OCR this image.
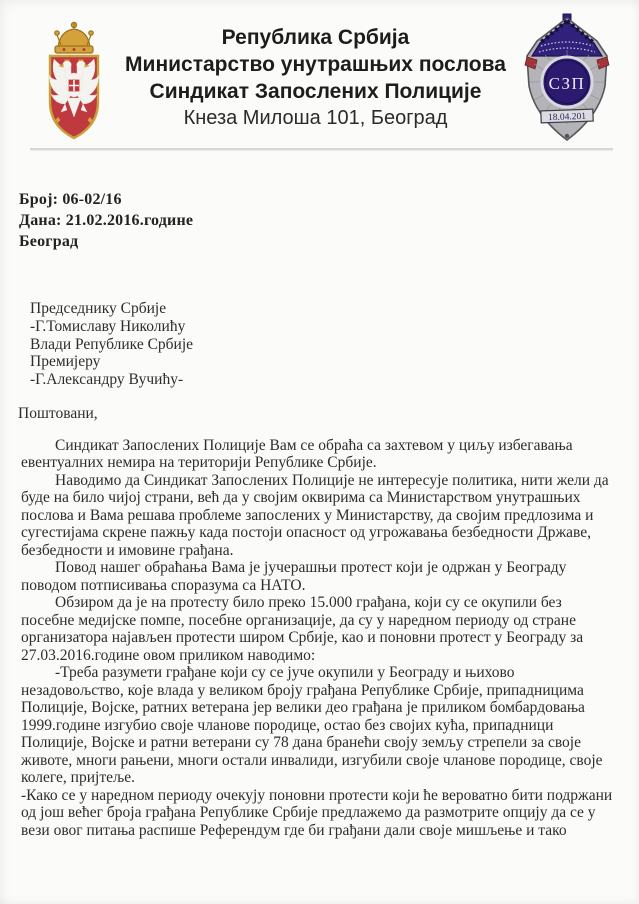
Република Србија
Министарство унутрашњих послова
Синдикат Запослених Полиције
Кнеза Милоша 101, Београд
СЗП
18.04.201
Број: 06-02/16
Дана: 21.02.2016.године
Београд
Председнику Србије
-Г.Томиславу Николићу
Влади Републике Србије
Премијеру
-Г.Александру Вучићу-
Поштовани,

Синдикат Запослених Полиције Вам се обраћа са захтевом у циљу избегавања евентуалних немира на територији Републике Србије.

Наводимо да Синдикат Запослених Полиције не интересује политика, нити жели да буде на било чијој страни, већ да у својим оквирима са Министарством унутрашњих послова и Вама решава проблеме запослених у Министарству, да својим предлозима и сугестијама скрене пажњу када постоји опасност од угрожавања безбедности Државе, безбедности и имовине грађана.

Повод нашег обраћања Вама је јучерашњи протест који је одржан у Београду поводом потписивања споразума са НАТО.

Обзиром да је на протесту било преко 15.000 грађана, који су се окупили без посебне медијске помпе, посебне организације, да су у наредном периоду од стране организатора најављен протести широм Србије, као и поновни протест у Београду за 27.03.2016.године овом приликом наводимо:

-Треба разумети грађане који су се јуче окупили у Београду и њихово незадовољство, које влада у великом броју грађана Републике Србије, припадницима Полиције, Војске, ратних ветерана јер велики део грађана је приликом бомбардовања 1999.године изгубио своје чланове породице, остао без својих кућа, припадници Полиције, Војске и ратни ветерани су 78 дана бранећи своју земљу стрепели за своје животе, многи рањени, многи остали инвалиди, изгубили своје чланове породице, своје колеге, пријтеље.

-Како се у наредном периоду очекују поновни протести који ће вероватно бити подржани од још већег броја грађана Републике Србије предлажемо да размотрите опцију да се у вези овог питања распише Референдум где би грађани дали своје мишљење и тако
